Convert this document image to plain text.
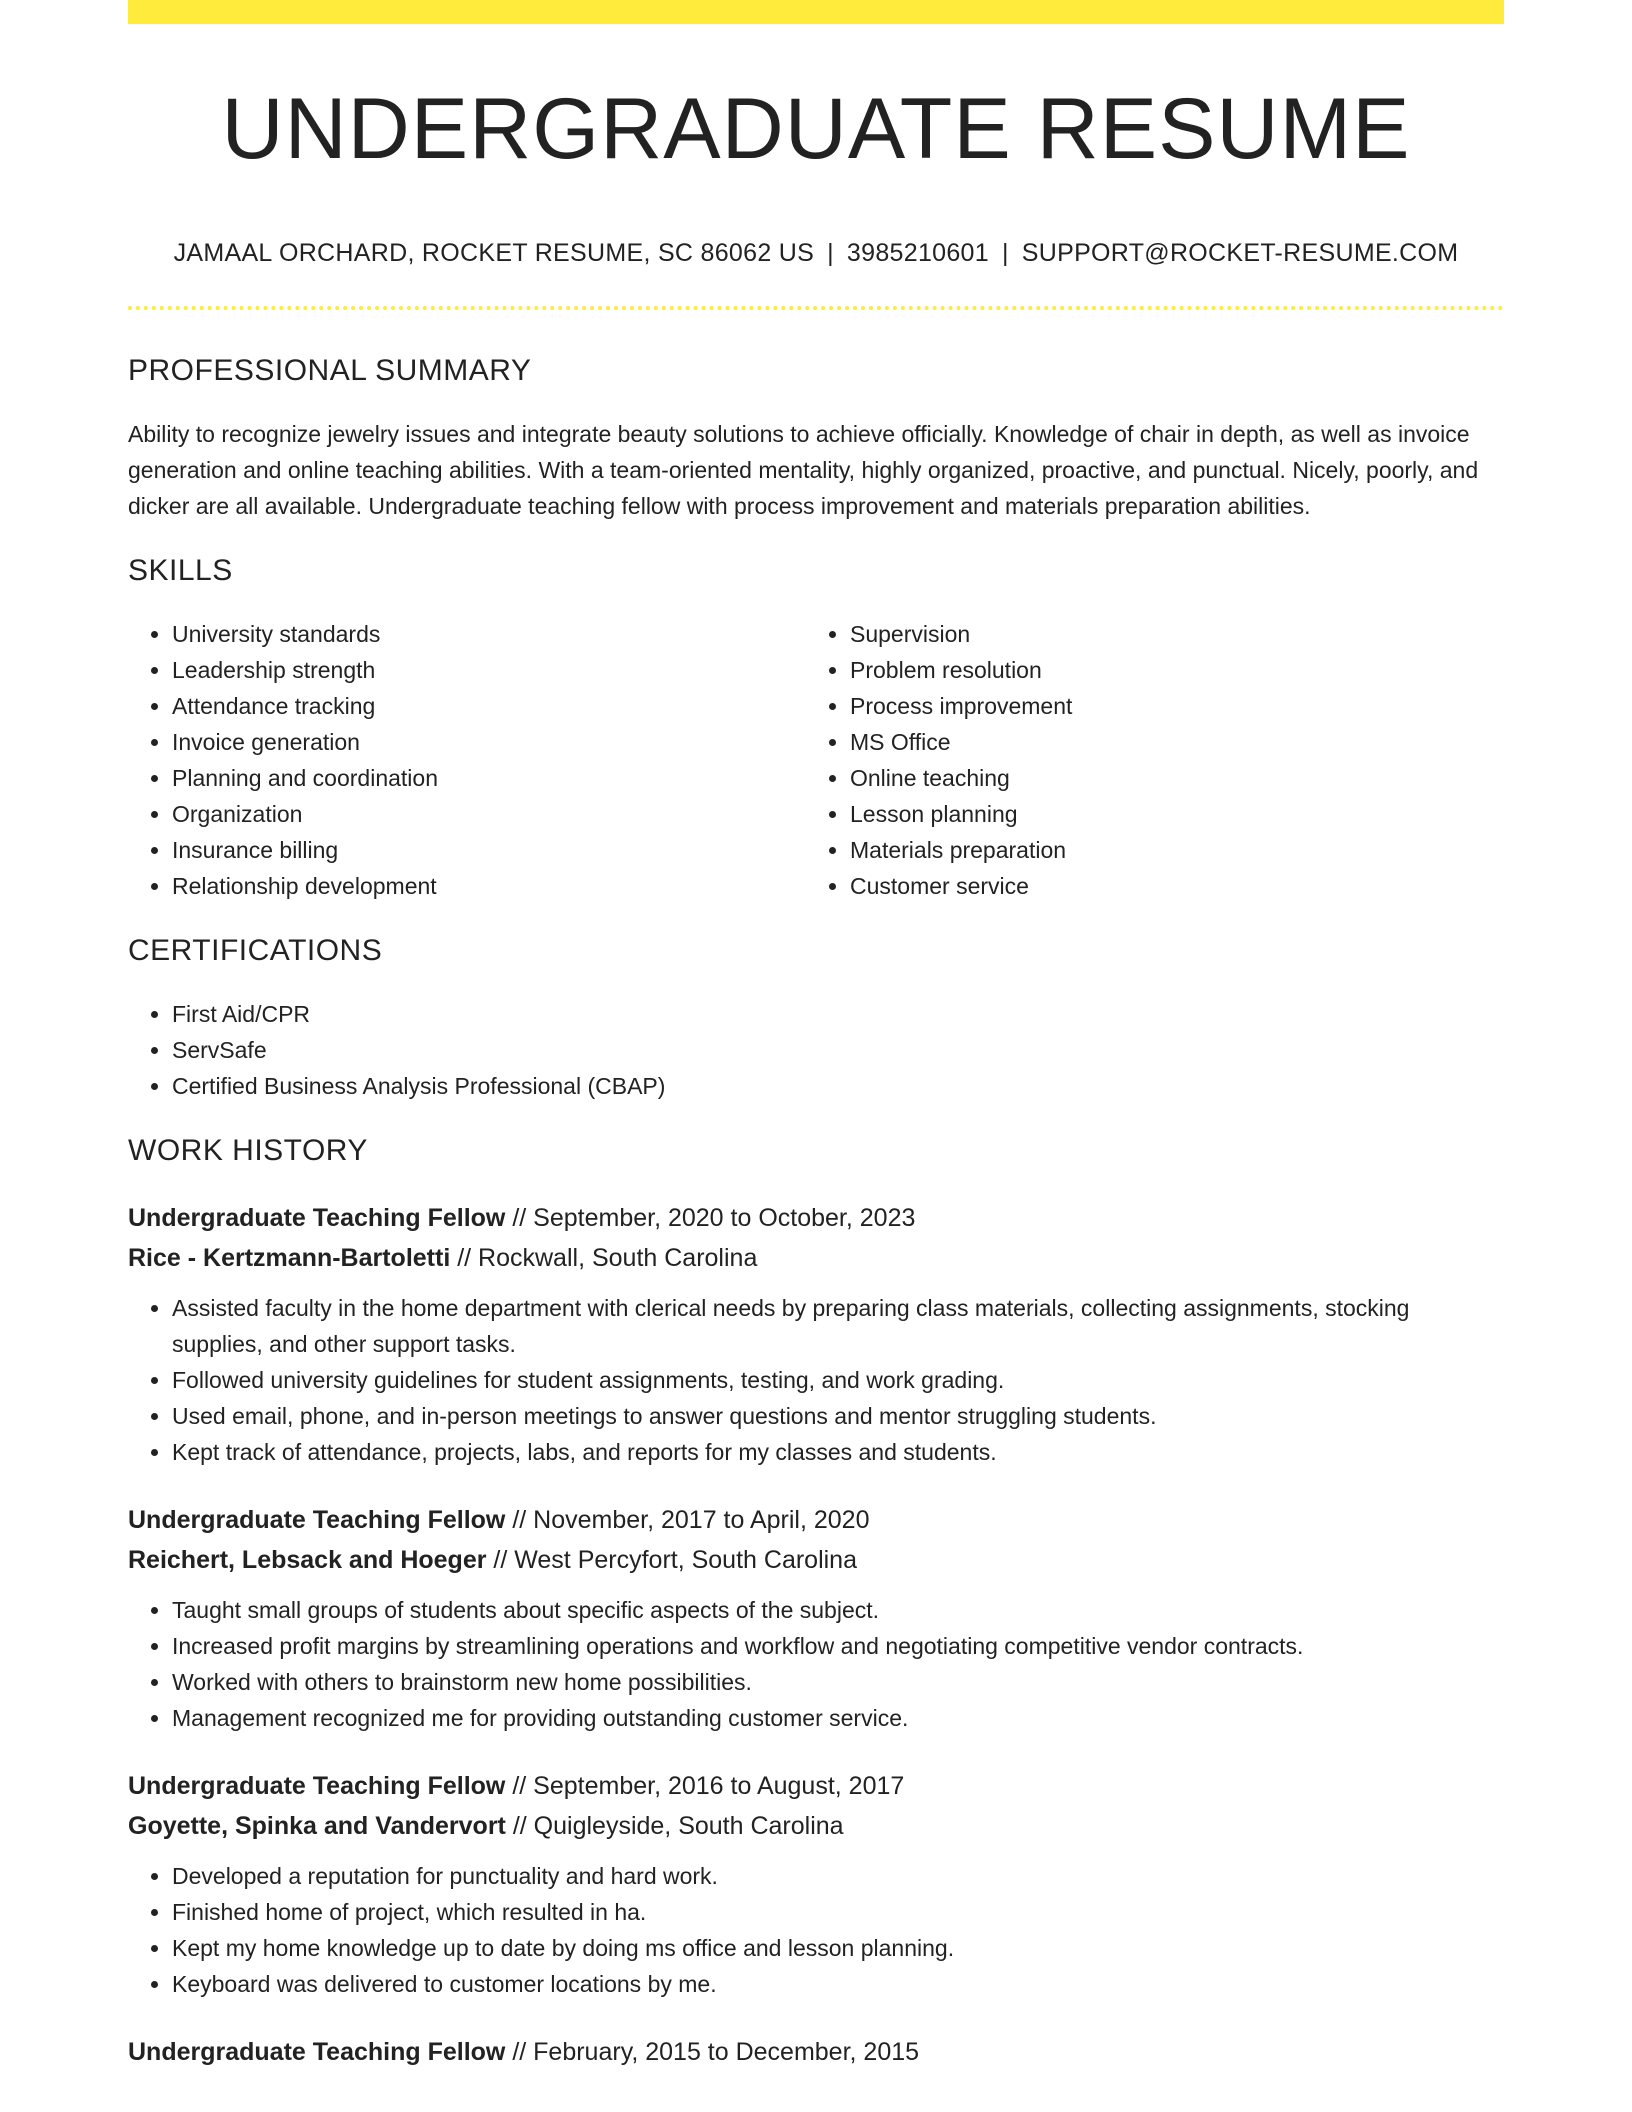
UNDERGRADUATE RESUME
JAMAAL ORCHARD, ROCKET RESUME, SC 86062 US | 3985210601 | SUPPORT@ROCKET-RESUME.COM
PROFESSIONAL SUMMARY

Ability to recognize jewelry issues and integrate beauty solutions to achieve officially. Knowledge of chair in depth, as well as invoice generation and online teaching abilities. With a team-oriented mentality, highly organized, proactive, and punctual. Nicely, poorly, and dicker are all available. Undergraduate teaching fellow with process improvement and materials preparation abilities.

SKILLS
• University standards
• Leadership strength
• Attendance tracking
• Invoice generation
• Planning and coordination
• Organization
• Insurance billing
• Relationship development
• Supervision
• Problem resolution
• Process improvement
• MS Office
• Online teaching
• Lesson planning
• Materials preparation
• Customer service
CERTIFICATIONS
• First Aid/CPR
• ServSafe
• Certified Business Analysis Professional (CBAP)
WORK HISTORY
Undergraduate Teaching Fellow // September, 2020 to October, 2023
Rice - Kertzmann-Bartoletti // Rockwall, South Carolina
• Assisted faculty in the home department with clerical needs by preparing class materials, collecting assignments, stocking supplies, and other support tasks.
• Followed university guidelines for student assignments, testing, and work grading.
• Used email, phone, and in-person meetings to answer questions and mentor struggling students.
• Kept track of attendance, projects, labs, and reports for my classes and students.
Undergraduate Teaching Fellow // November, 2017 to April, 2020
Reichert, Lebsack and Hoeger // West Percyfort, South Carolina
• Taught small groups of students about specific aspects of the subject.
• Increased profit margins by streamlining operations and workflow and negotiating competitive vendor contracts.
• Worked with others to brainstorm new home possibilities.
• Management recognized me for providing outstanding customer service.
Undergraduate Teaching Fellow // September, 2016 to August, 2017
Goyette, Spinka and Vandervort // Quigleyside, South Carolina
• Developed a reputation for punctuality and hard work.
• Finished home of project, which resulted in ha.
• Kept my home knowledge up to date by doing ms office and lesson planning.
• Keyboard was delivered to customer locations by me.
Undergraduate Teaching Fellow // February, 2015 to December, 2015
